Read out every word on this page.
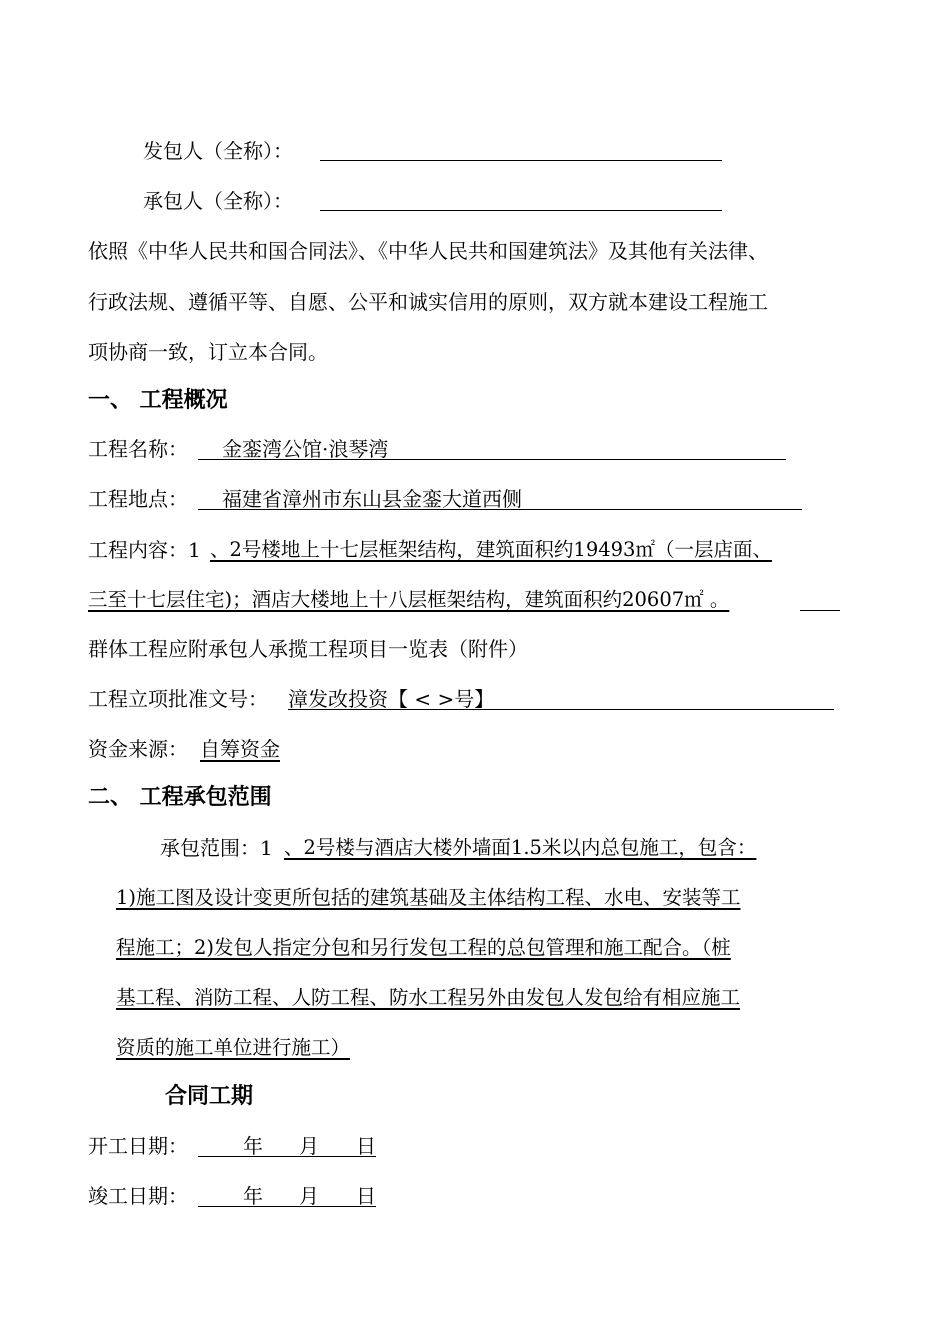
发包人（全称）：
承包人（全称）：
依照《中华人民共和国合同法》、《中华人民共和国建筑法》及其他有关法律、
行政法规、遵循平等、自愿、公平和诚实信用的原则，双方就本建设工程施工
项协商一致，订立本合同。
一、 工程概况
工程名称： 金銮湾公馆·浪琴湾
工程地点： 福建省漳州市东山县金銮大道西侧
工程内容：1 、2号楼地上十七层框架结构，建筑面积约19493㎡（一层店面、
三至十七层住宅)；酒店大楼地上十八层框架结构，建筑面积约20607㎡ 。
群体工程应附承包人承揽工程项目一览表（附件）
工程立项批准文号： 漳发改投资【 < >号】
资金来源： 自筹资金
二、 工程承包范围
承包范围：1 、2号楼与酒店大楼外墙面1.5米以内总包施工，包含：
1)施工图及设计变更所包括的建筑基础及主体结构工程、水电、安装等工
程施工；2)发包人指定分包和另行发包工程的总包管理和施工配合。（桩
基工程、消防工程、人防工程、防水工程另外由发包人发包给有相应施工
资质的施工单位进行施工）
合同工期
开工日期：	年 月 日
竣工日期：	年 月 日
